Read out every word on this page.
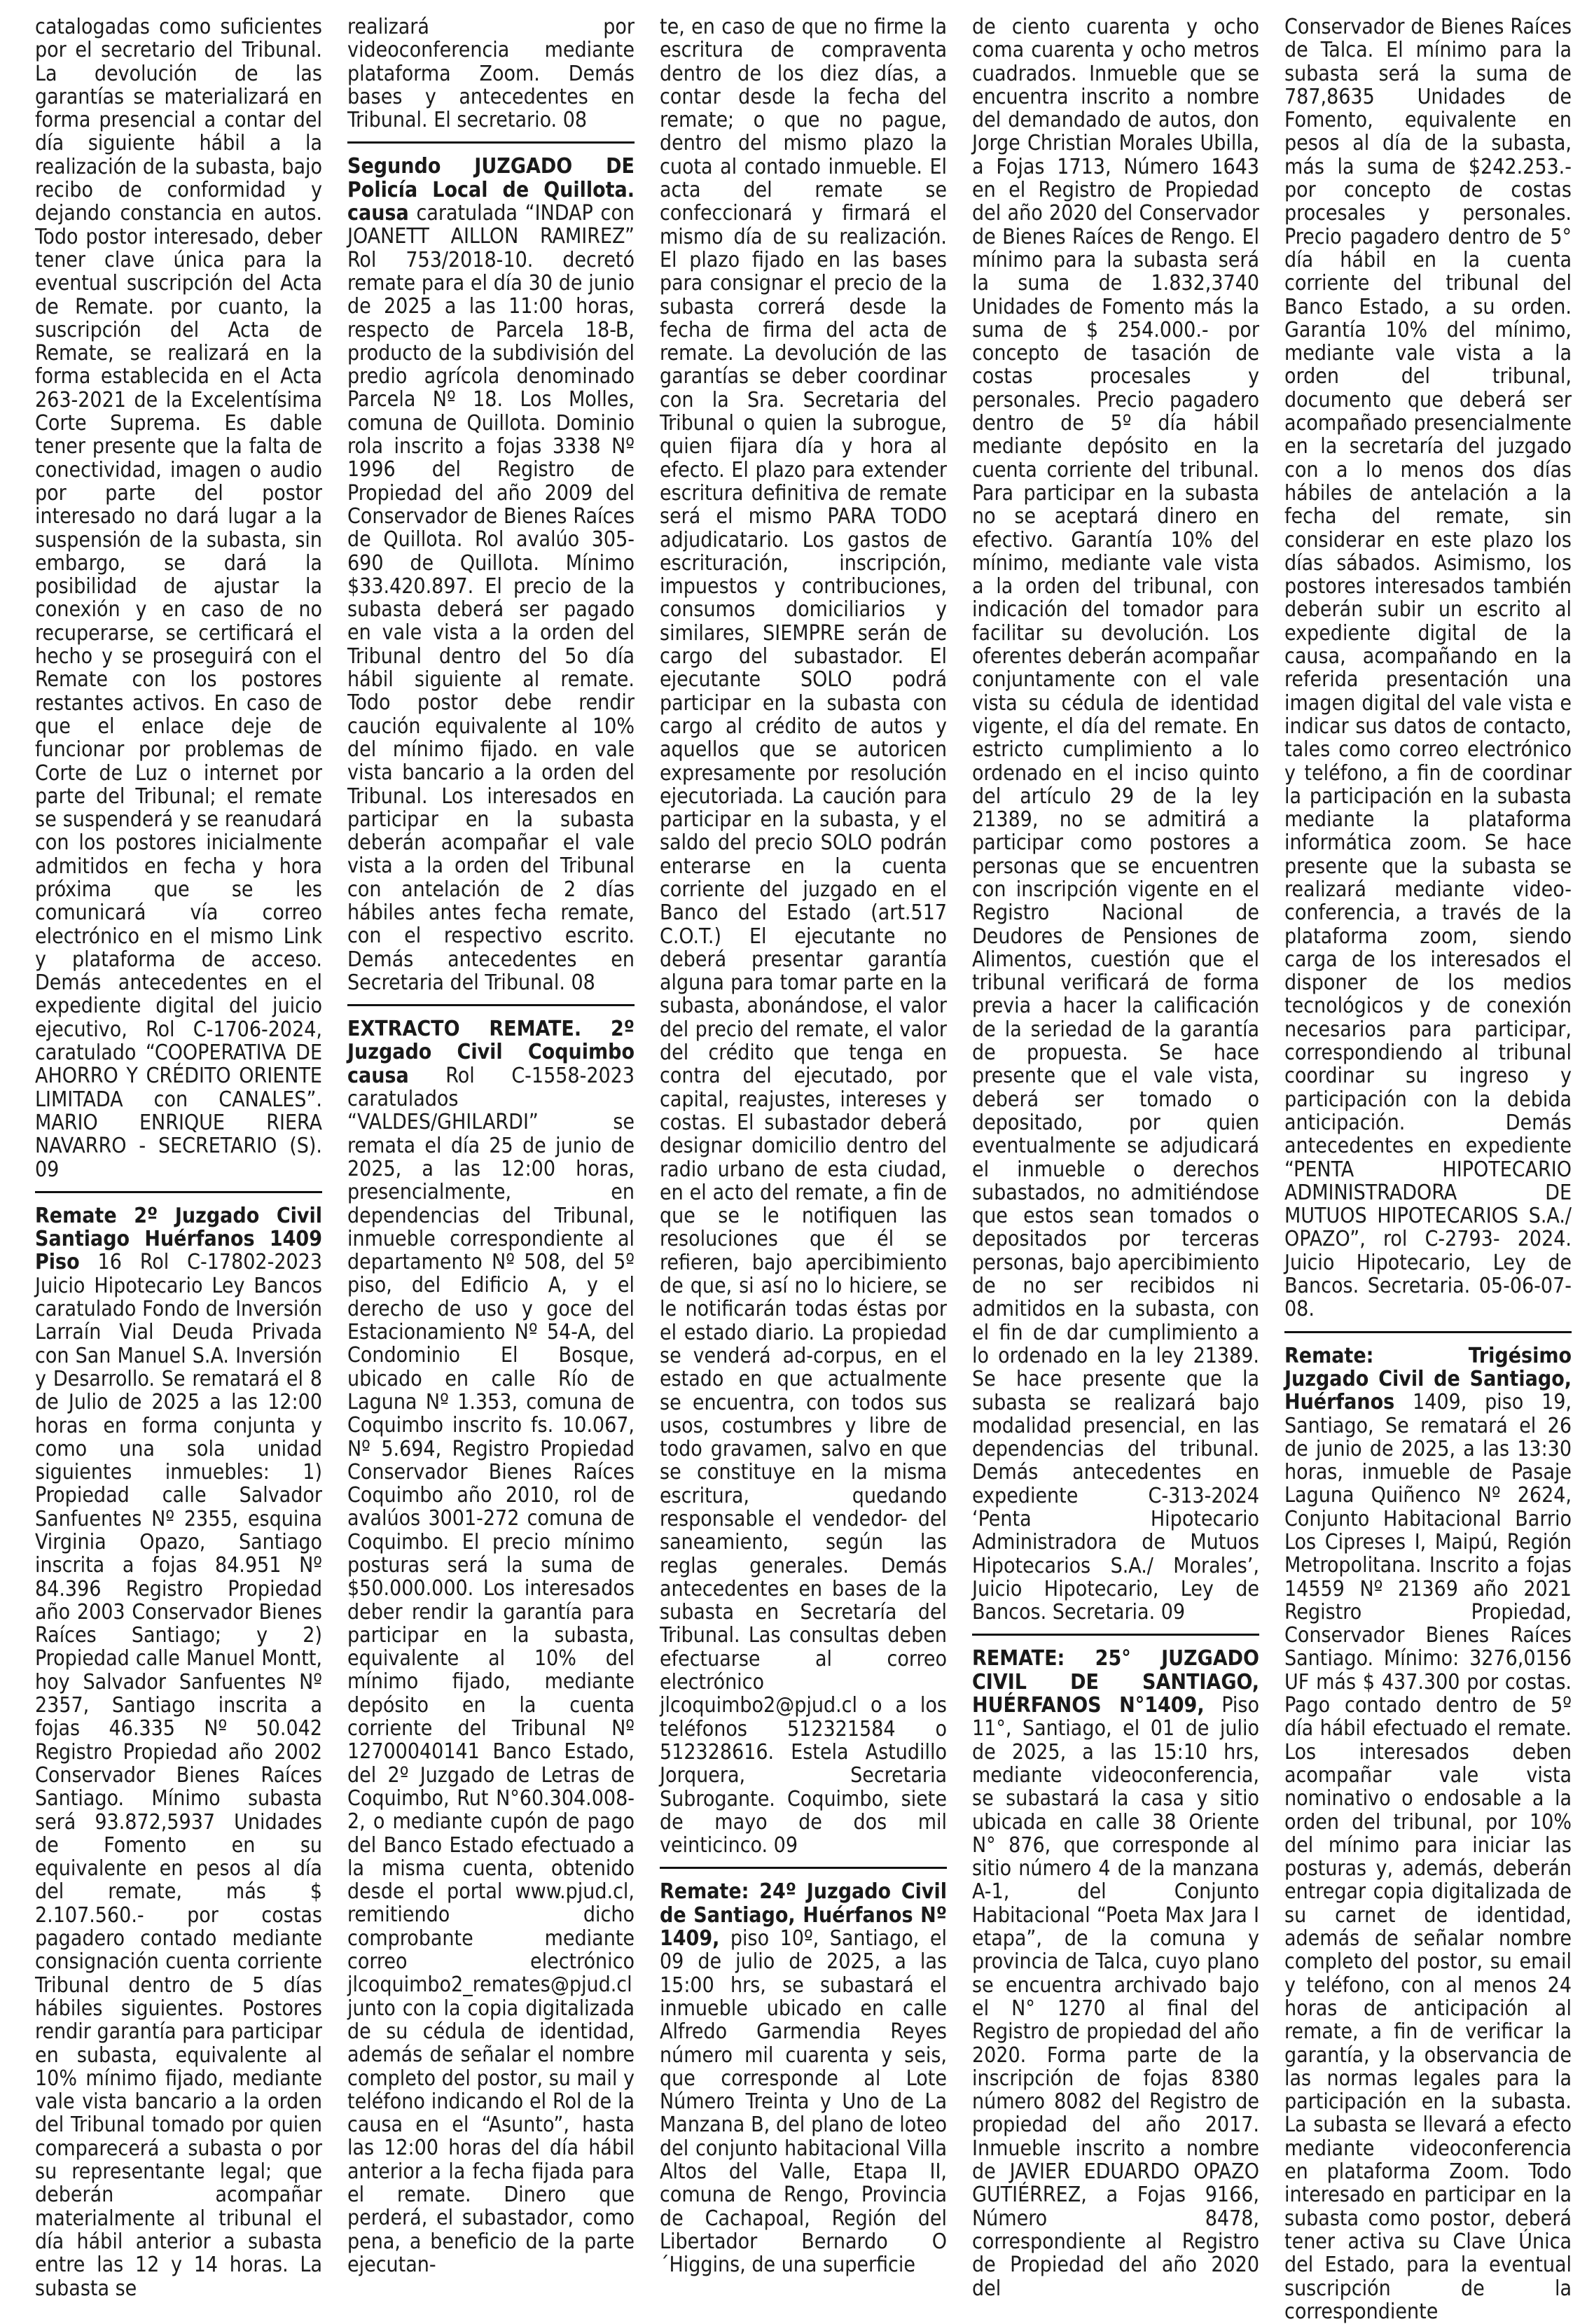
catalogadas como suficientes por el secretario del Tribunal. La devolución de las garantías se materializará en forma presencial a contar del día siguiente hábil a la realización de la subasta, bajo recibo de conformidad y dejando constancia en autos. Todo postor interesado, deber tener clave única para la eventual suscripción del Acta de Remate. por cuanto, la suscripción del Acta de Remate, se realizará en la forma establecida en el Acta 263-2021 de la Excelentísima Corte Suprema. Es dable tener presente que la falta de conectividad, imagen o audio por parte del postor interesado no dará lugar a la suspensión de la subasta, sin embargo, se dará la posibilidad de ajustar la conexión y en caso de no recuperarse, se certificará el hecho y se proseguirá con el Remate con los postores restantes activos. En caso de que el enlace deje de funcionar por problemas de Corte de Luz o internet por parte del Tribunal; el remate se suspenderá y se reanudará con los postores inicialmente admitidos en fecha y hora próxima que se les comunicará vía correo electrónico en el mismo Link y plataforma de acceso. Demás antecedentes en el expediente digital del juicio ejecutivo, Rol C-1706-2024, caratulado “COOPERATIVA DE AHORRO Y CRÉDITO ORIENTE LIMITADA con CANALES”. MARIO ENRIQUE RIERA NAVARRO - SECRETARIO (S). 09

Remate 2º Juzgado Civil Santiago Huérfanos 1409 Piso 16 Rol C-17802-2023 Juicio Hipotecario Ley Bancos caratulado Fondo de Inversión Larraín Vial Deuda Privada con San Manuel S.A. Inversión y Desarrollo. Se rematará el 8 de Julio de 2025 a las 12:00 horas en forma conjunta y como una sola unidad siguientes inmuebles: 1) Propiedad calle Salvador Sanfuentes Nº 2355, esquina Virginia Opazo, Santiago inscrita a fojas 84.951 Nº 84.396 Registro Propiedad año 2003 Conservador Bienes Raíces Santiago; y 2) Propiedad calle Manuel Montt, hoy Salvador Sanfuentes Nº 2357, Santiago inscrita a fojas 46.335 Nº 50.042 Registro Propiedad año 2002 Conservador Bienes Raíces Santiago. Mínimo subasta será 93.872,5937 Unidades de Fomento en su equivalente en pesos al día del remate, más $ 2.107.560.- por costas pagadero contado mediante consignación cuenta corriente Tribunal dentro de 5 días hábiles siguientes. Postores rendir garantía para participar en subasta, equivalente al 10% mínimo fijado, mediante vale vista bancario a la orden del Tribunal tomado por quien comparecerá a subasta o por su representante legal; que deberán acompañar materialmente al tribunal el día hábil anterior a subasta entre las 12 y 14 horas. La subasta se

realizará por videoconferencia mediante plataforma Zoom. Demás bases y antecedentes en Tribunal. El secretario. 08

Segundo JUZGADO DE Policía Local de Quillota. causa caratulada “INDAP con JOANETT AILLON RAMIREZ” Rol 753/2018-10. decretó remate para el día 30 de junio de 2025 a las 11:00 horas, respecto de Parcela 18-B, producto de la subdivisión del predio agrícola denominado Parcela Nº 18. Los Molles, comuna de Quillota. Dominio rola inscrito a fojas 3338 Nº 1996 del Registro de Propiedad del año 2009 del Conservador de Bienes Raíces de Quillota. Rol avalúo 305-690 de Quillota. Mínimo $33.420.897. El precio de la subasta deberá ser pagado en vale vista a la orden del Tribunal dentro del 5o día hábil siguiente al remate. Todo postor debe rendir caución equivalente al 10% del mínimo fijado. en vale vista bancario a la orden del Tribunal. Los interesados en participar en la subasta deberán acompañar el vale vista a la orden del Tribunal con antelación de 2 días hábiles antes fecha remate, con el respectivo escrito. Demás antecedentes en Secretaria del Tribunal. 08

EXTRACTO REMATE. 2º Juzgado Civil Coquimbo causa Rol C-1558-2023 caratulados “VALDES/GHILARDI” se remata el día 25 de junio de 2025, a las 12:00 horas, presencialmente, en dependencias del Tribunal, inmueble correspondiente al departamento Nº 508, del 5º piso, del Edificio A, y el derecho de uso y goce del Estacionamiento Nº 54-A, del Condominio El Bosque, ubicado en calle Río de Laguna Nº 1.353, comuna de Coquimbo inscrito fs. 10.067, Nº 5.694, Registro Propiedad Conservador Bienes Raíces Coquimbo año 2010, rol de avalúos 3001-272 comuna de Coquimbo. El precio mínimo posturas será la suma de $50.000.000. Los interesados deber rendir la garantía para participar en la subasta, equivalente al 10% del mínimo fijado, mediante depósito en la cuenta corriente del Tribunal Nº 12700040141 Banco Estado, del 2º Juzgado de Letras de Coquimbo, Rut N°60.304.008-2, o mediante cupón de pago del Banco Estado efectuado a la misma cuenta, obtenido desde el portal www.pjud.cl, remitiendo dicho comprobante mediante correo electrónico jlcoquimbo2_remates@pjud.cl junto con la copia digitalizada de su cédula de identidad, además de señalar el nombre completo del postor, su mail y teléfono indicando el Rol de la causa en el “Asunto”, hasta las 12:00 horas del día hábil anterior a la fecha fijada para el remate. Dinero que perderá, el subastador, como pena, a beneficio de la parte ejecutan-

te, en caso de que no firme la escritura de compraventa dentro de los diez días, a contar desde la fecha del remate; o que no pague, dentro del mismo plazo la cuota al contado inmueble. El acta del remate se confeccionará y firmará el mismo día de su realización. El plazo fijado en las bases para consignar el precio de la subasta correrá desde la fecha de firma del acta de remate. La devolución de las garantías se deber coordinar con la Sra. Secretaria del Tribunal o quien la subrogue, quien fijara día y hora al efecto. El plazo para extender escritura definitiva de remate será el mismo PARA TODO adjudicatario. Los gastos de escrituración, inscripción, impuestos y contribuciones, consumos domiciliarios y similares, SIEMPRE serán de cargo del subastador. El ejecutante SOLO podrá participar en la subasta con cargo al crédito de autos y aquellos que se autoricen expresamente por resolución ejecutoriada. La caución para participar en la subasta, y el saldo del precio SOLO podrán enterarse en la cuenta corriente del juzgado en el Banco del Estado (art.517 C.O.T.) El ejecutante no deberá presentar garantía alguna para tomar parte en la subasta, abonándose, el valor del precio del remate, el valor del crédito que tenga en contra del ejecutado, por capital, reajustes, intereses y costas. El subastador deberá designar domicilio dentro del radio urbano de esta ciudad, en el acto del remate, a fin de que se le notifiquen las resoluciones que él se refieren, bajo apercibimiento de que, si así no lo hiciere, se le notificarán todas éstas por el estado diario. La propiedad se venderá ad-corpus, en el estado en que actualmente se encuentra, con todos sus usos, costumbres y libre de todo gravamen, salvo en que se constituye en la misma escritura, quedando responsable el vendedor- del saneamiento, según las reglas generales. Demás antecedentes en bases de la subasta en Secretaría del Tribunal. Las consultas deben efectuarse al correo electrónico jlcoquimbo2@pjud.cl o a los teléfonos 512321584 o 512328616. Estela Astudillo Jorquera, Secretaria Subrogante. Coquimbo, siete de mayo de dos mil veinticinco. 09

Remate: 24º Juzgado Civil de Santiago, Huérfanos Nº 1409, piso 10º, Santiago, el 09 de julio de 2025, a las 15:00 hrs, se subastará el inmueble ubicado en calle Alfredo Garmendia Reyes número mil cuarenta y seis, que corresponde al Lote Número Treinta y Uno de La Manzana B, del plano de loteo del conjunto habitacional Villa Altos del Valle, Etapa II, comuna de Rengo, Provincia de Cachapoal, Región del Libertador Bernardo O´Higgins, de una superficie

de ciento cuarenta y ocho coma cuarenta y ocho metros cuadrados. Inmueble que se encuentra inscrito a nombre del demandado de autos, don Jorge Christian Morales Ubilla, a Fojas 1713, Número 1643 en el Registro de Propiedad del año 2020 del Conservador de Bienes Raíces de Rengo. El mínimo para la subasta será la suma de 1.832,3740 Unidades de Fomento más la suma de $ 254.000.- por concepto de tasación de costas procesales y personales. Precio pagadero dentro de 5º día hábil mediante depósito en la cuenta corriente del tribunal. Para participar en la subasta no se aceptará dinero en efectivo. Garantía 10% del mínimo, mediante vale vista a la orden del tribunal, con indicación del tomador para facilitar su devolución. Los oferentes deberán acompañar conjuntamente con el vale vista su cédula de identidad vigente, el día del remate. En estricto cumplimiento a lo ordenado en el inciso quinto del artículo 29 de la ley 21389, no se admitirá a participar como postores a personas que se encuentren con inscripción vigente en el Registro Nacional de Deudores de Pensiones de Alimentos, cuestión que el tribunal verificará de forma previa a hacer la calificación de la seriedad de la garantía de propuesta. Se hace presente que el vale vista, deberá ser tomado o depositado, por quien eventualmente se adjudicará el inmueble o derechos subastados, no admitiéndose que estos sean tomados o depositados por terceras personas, bajo apercibimiento de no ser recibidos ni admitidos en la subasta, con el fin de dar cumplimiento a lo ordenado en la ley 21389. Se hace presente que la subasta se realizará bajo modalidad presencial, en las dependencias del tribunal. Demás antecedentes en expediente C-313-2024 ‘Penta Hipotecario Administradora de Mutuos Hipotecarios S.A./ Morales’, Juicio Hipotecario, Ley de Bancos. Secretaria. 09

REMATE: 25° JUZGADO CIVIL DE SANTIAGO, HUÉRFANOS N°1409, Piso 11°, Santiago, el 01 de julio de 2025, a las 15:10 hrs, mediante videoconferencia, se subastará la casa y sitio ubicada en calle 38 Oriente N° 876, que corresponde al sitio número 4 de la manzana A-1, del Conjunto Habitacional “Poeta Max Jara I etapa”, de la comuna y provincia de Talca, cuyo plano se encuentra archivado bajo el N° 1270 al final del Registro de propiedad del año 2020. Forma parte de la inscripción de fojas 8380 número 8082 del Registro de propiedad del año 2017. Inmueble inscrito a nombre de JAVIER EDUARDO OPAZO GUTIÉRREZ, a Fojas 9166, Número 8478, correspondiente al Registro de Propiedad del año 2020 del

Conservador de Bienes Raíces de Talca. El mínimo para la subasta será la suma de 787,8635 Unidades de Fomento, equivalente en pesos al día de la subasta, más la suma de $242.253.- por concepto de costas procesales y personales. Precio pagadero dentro de 5° día hábil en la cuenta corriente del tribunal del Banco Estado, a su orden. Garantía 10% del mínimo, mediante vale vista a la orden del tribunal, documento que deberá ser acompañado presencialmente en la secretaría del juzgado con a lo menos dos días hábiles de antelación a la fecha del remate, sin considerar en este plazo los días sábados. Asimismo, los postores interesados también deberán subir un escrito al expediente digital de la causa, acompañando en la referida presentación una imagen digital del vale vista e indicar sus datos de contacto, tales como correo electrónico y teléfono, a fin de coordinar la participación en la subasta mediante la plataforma informática zoom. Se hace presente que la subasta se realizará mediante video- conferencia, a través de la plataforma zoom, siendo carga de los interesados el disponer de los medios tecnológicos y de conexión necesarios para participar, correspondiendo al tribunal coordinar su ingreso y participación con la debida anticipación. Demás antecedentes en expediente “PENTA HIPOTECARIO ADMINISTRADORA DE MUTUOS HIPOTECARIOS S.A./ OPAZO”, rol C-2793- 2024. Juicio Hipotecario, Ley de Bancos. Secretaria. 05-06-07-08.

Remate: Trigésimo Juzgado Civil de Santiago, Huérfanos 1409, piso 19, Santiago, Se rematará el 26 de junio de 2025, a las 13:30 horas, inmueble de Pasaje Laguna Quiñenco Nº 2624, Conjunto Habitacional Barrio Los Cipreses I, Maipú, Región Metropolitana. Inscrito a fojas 14559 Nº 21369 año 2021 Registro Propiedad, Conservador Bienes Raíces Santiago. Mínimo: 3276,0156 UF más $ 437.300 por costas. Pago contado dentro de 5º día hábil efectuado el remate. Los interesados deben acompañar vale vista nominativo o endosable a la orden del tribunal, por 10% del mínimo para iniciar las posturas y, además, deberán entregar copia digitalizada de su carnet de identidad, además de señalar nombre completo del postor, su email y teléfono, con al menos 24 horas de anticipación al remate, a fin de verificar la garantía, y la observancia de las normas legales para la participación en la subasta. La subasta se llevará a efecto mediante videoconferencia en plataforma Zoom. Todo interesado en participar en la subasta como postor, deberá tener activa su Clave Única del Estado, para la eventual suscripción de la correspondiente
